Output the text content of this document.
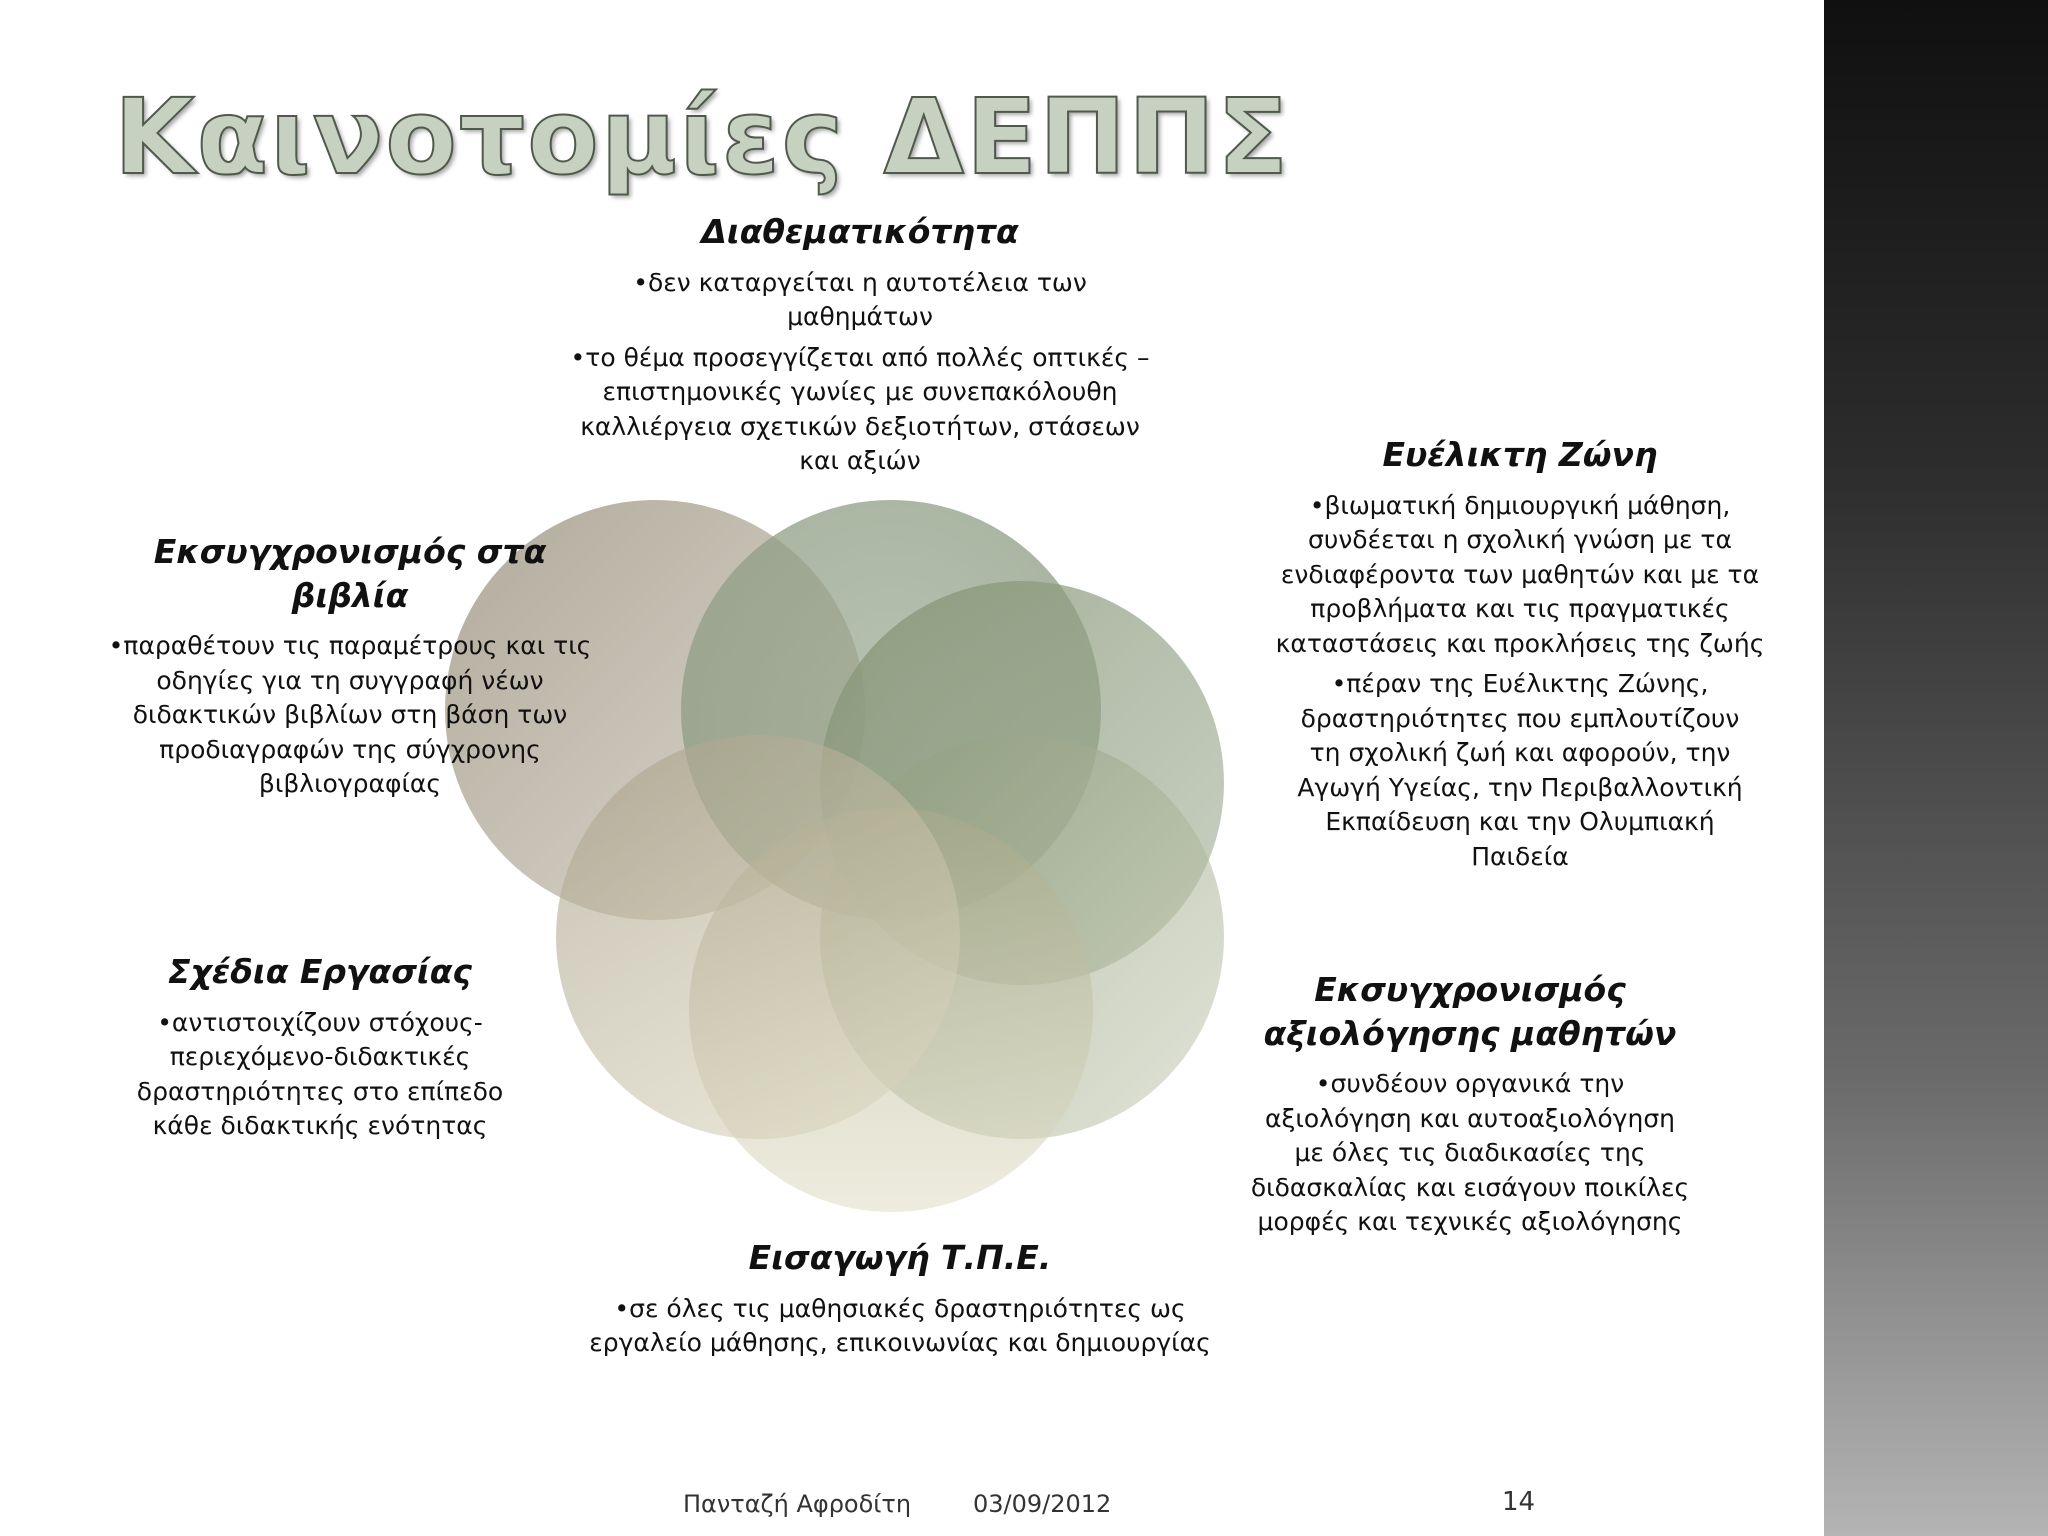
Καινοτομίες ΔΕΠΠΣ
Διαθεματικότητα
•δεν καταργείται η αυτοτέλεια των μαθημάτων
•το θέμα προσεγγίζεται από πολλές οπτικές –επιστημονικές γωνίες με συνεπακόλουθη καλλιέργεια σχετικών δεξιοτήτων, στάσεων και αξιών	Ευέλικτη Ζώνη
•βιωματική δημιουργική μάθηση, συνδέεται η σχολική γνώση με τα ενδιαφέροντα των μαθητών και με τα προβλήματα και τις πραγματικές καταστάσεις και προκλήσεις της ζωής
•πέραν της Ευέλικτης Ζώνης, δραστηριότητες που εμπλουτίζουν τη σχολική ζωή και αφορούν, την Αγωγή Υγείας, την Περιβαλλοντική Εκπαίδευση και την Ολυμπιακή Παιδεία
Εκσυγχρονισμός αξιολόγησης μαθητών
•συνδέουν οργανικά την αξιολόγηση και αυτοαξιολόγηση με όλες τις διαδικασίες της διδασκαλίας και εισάγουν ποικίλες μορφές και τεχνικές αξιολόγησης
Εισαγωγή Τ.Π.Ε.
•σε όλες τις μαθησιακές δραστηριότητες ως εργαλείο μάθησης, επικοινωνίας και δημιουργίας
Σχέδια Εργασίας
•αντιστοιχίζουν στόχους-περιεχόμενο-διδακτικές δραστηριότητες στο επίπεδο κάθε διδακτικής ενότητας
Εκσυγχρονισμός στα βιβλία
•παραθέτουν τις παραμέτρους και τις οδηγίες για τη συγγραφή νέων διδακτικών βιβλίων στη βάση των προδιαγραφών της σύγχρονης βιβλιογραφίας
Πανταζή Αφροδίτη	03/09/2012	14
